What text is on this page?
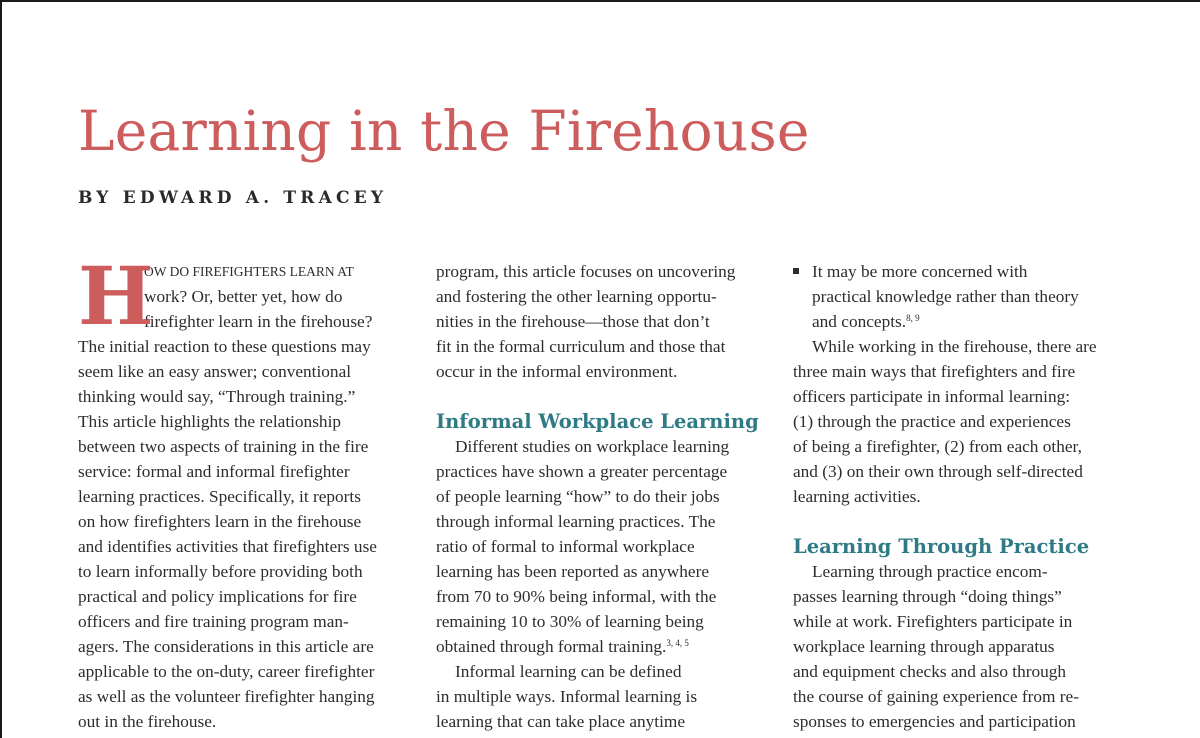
Learning in the Firehouse
BY EDWARD A. TRACEY
H
OW DO FIREFIGHTERS LEARN AT
work? Or, better yet, how do
firefighter learn in the firehouse?
The initial reaction to these questions may
seem like an easy answer; conventional
thinking would say, “Through training.”
This article highlights the relationship
between two aspects of training in the fire
service: formal and informal firefighter
learning practices. Specifically, it reports
on how firefighters learn in the firehouse
and identifies activities that firefighters use
to learn informally before providing both
practical and policy implications for fire
officers and fire training program man-
agers. The considerations in this article are
applicable to the on-duty, career firefighter
as well as the volunteer firefighter hanging
out in the firehouse.
program, this article focuses on uncovering
and fostering the other learning opportu-
nities in the firehouse—those that don’t
fit in the formal curriculum and those that
occur in the informal environment.
Informal Workplace Learning
Different studies on workplace learning
practices have shown a greater percentage
of people learning “how” to do their jobs
through informal learning practices. The
ratio of formal to informal workplace
learning has been reported as anywhere
from 70 to 90% being informal, with the
remaining 10 to 30% of learning being
obtained through formal training.$^{3, 4, 5}$
Informal learning can be defined
in multiple ways. Informal learning is
learning that can take place anytime
It may be more concerned with
practical knowledge rather than theory
and concepts.$^{8, 9}$
While working in the firehouse, there are
three main ways that firefighters and fire
officers participate in informal learning:
(1) through the practice and experiences
of being a firefighter, (2) from each other,
and (3) on their own through self-directed
learning activities.
Learning Through Practice
Learning through practice encom-
passes learning through “doing things”
while at work. Firefighters participate in
workplace learning through apparatus
and equipment checks and also through
the course of gaining experience from re-
sponses to emergencies and participation
